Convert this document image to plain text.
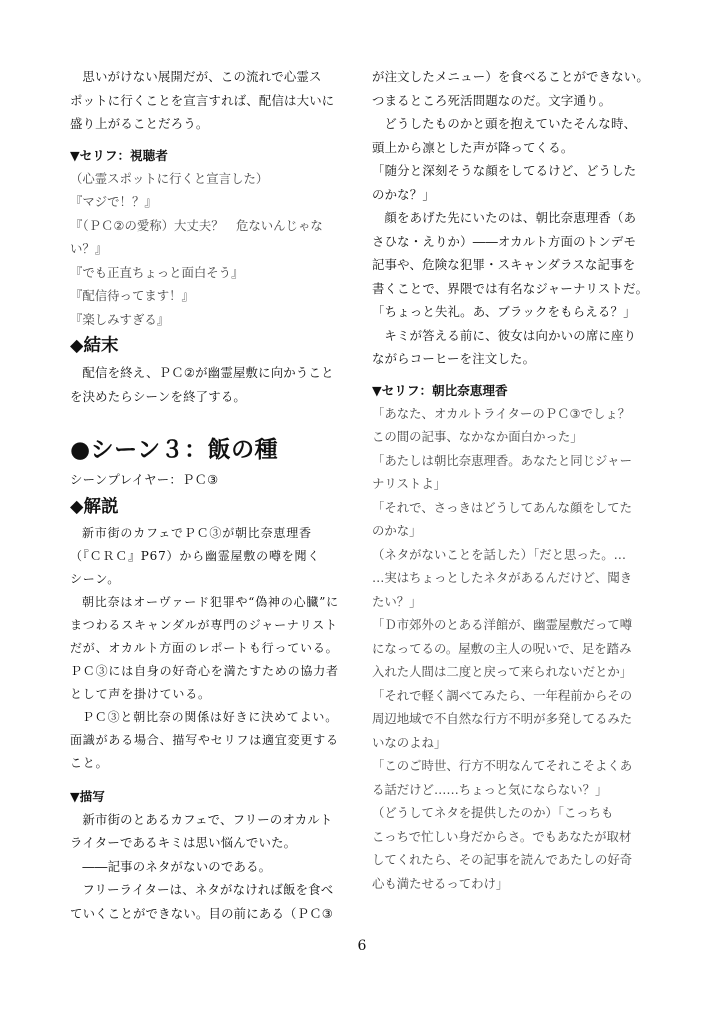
思いがけない展開だが、この流れで心霊ス

ポットに行くことを宣言すれば、配信は大いに

盛り上がることだろう。

▼セリフ：視聴者

（心霊スポットに行くと宣言した）

『マジで！？』

『（ＰＣ②の愛称）大丈夫？　危ないんじゃな

い？』

『でも正直ちょっと面白そう』

『配信待ってます！』

『楽しみすぎる』

◆結末

配信を終え、ＰＣ②が幽霊屋敷に向かうこと

を決めたらシーンを終了する。

●シーン３：飯の種

シーンプレイヤー：ＰＣ③

◆解説

新市街のカフェでＰＣ③が朝比奈恵理香

（『ＣＲＣ』P67）から幽霊屋敷の噂を聞く

シーン。

朝比奈はオーヴァード犯罪や“偽神の心臓”に

まつわるスキャンダルが専門のジャーナリスト

だが、オカルト方面のレポートも行っている。

ＰＣ③には自身の好奇心を満たすための協力者

として声を掛けている。

ＰＣ③と朝比奈の関係は好きに決めてよい。

面識がある場合、描写やセリフは適宜変更する

こと。

▼描写

新市街のとあるカフェで、フリーのオカルト

ライターであるキミは思い悩んでいた。

――記事のネタがないのである。

フリーライターは、ネタがなければ飯を食べ

ていくことができない。目の前にある（ＰＣ③

が注文したメニュー）を食べることができない。

つまるところ死活問題なのだ。文字通り。

どうしたものかと頭を抱えていたそんな時、

頭上から凛とした声が降ってくる。

「随分と深刻そうな顔をしてるけど、どうした

のかな？」

顔をあげた先にいたのは、朝比奈恵理香（あ

さひな・えりか）――オカルト方面のトンデモ

記事や、危険な犯罪・スキャンダラスな記事を

書くことで、界隈では有名なジャーナリストだ。

「ちょっと失礼。あ、ブラックをもらえる？」

キミが答える前に、彼女は向かいの席に座り

ながらコーヒーを注文した。

▼セリフ：朝比奈恵理香

「あなた、オカルトライターのＰＣ③でしょ？

この間の記事、なかなか面白かった」

「あたしは朝比奈恵理香。あなたと同じジャー

ナリストよ」

「それで、さっきはどうしてあんな顔をしてた

のかな」

（ネタがないことを話した）「だと思った。…

…実はちょっとしたネタがあるんだけど、聞き

たい？」

「Ｄ市郊外のとある洋館が、幽霊屋敷だって噂

になってるの。屋敷の主人の呪いで、足を踏み

入れた人間は二度と戻って来られないだとか」

「それで軽く調べてみたら、一年程前からその

周辺地域で不自然な行方不明が多発してるみた

いなのよね」

「このご時世、行方不明なんてそれこそよくあ

る話だけど……ちょっと気にならない？」

（どうしてネタを提供したのか）「こっちも

こっちで忙しい身だからさ。でもあなたが取材

してくれたら、その記事を読んであたしの好奇

心も満たせるってわけ」

6
